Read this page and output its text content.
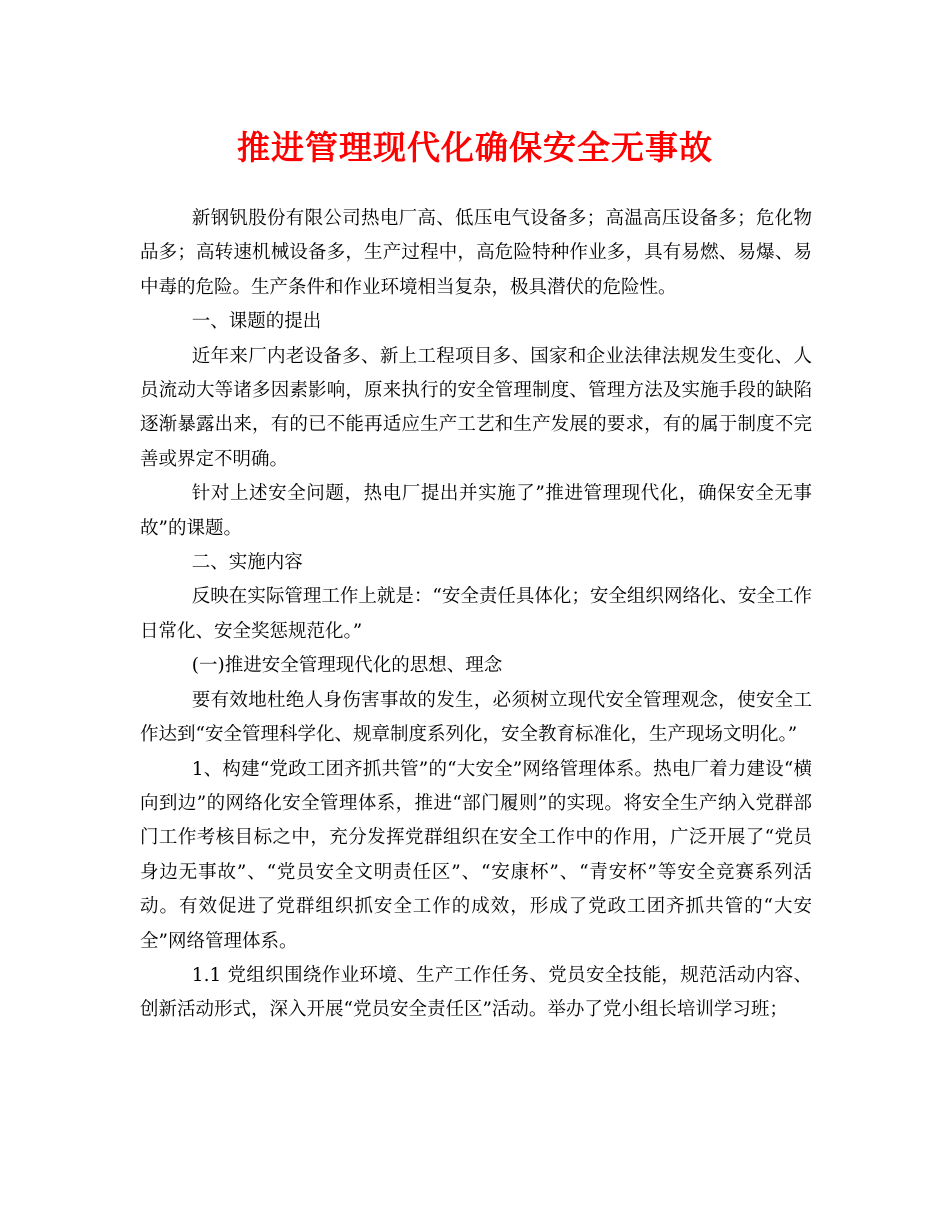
推进管理现代化确保安全无事故

新钢钒股份有限公司热电厂高、低压电气设备多；高温高压设备多；危化物品多；高转速机械设备多，生产过程中，高危险特种作业多，具有易燃、易爆、易中毒的危险。生产条件和作业环境相当复杂，极具潜伏的危险性。

一、课题的提出

近年来厂内老设备多、新上工程项目多、国家和企业法律法规发生变化、人员流动大等诸多因素影响，原来执行的安全管理制度、管理方法及实施手段的缺陷逐渐暴露出来，有的已不能再适应生产工艺和生产发展的要求，有的属于制度不完善或界定不明确。

针对上述安全问题，热电厂提出并实施了”推进管理现代化，确保安全无事故”的课题。

二、实施内容

反映在实际管理工作上就是：“安全责任具体化；安全组织网络化、安全工作日常化、安全奖惩规范化。”

(一)推进安全管理现代化的思想、理念

要有效地杜绝人身伤害事故的发生，必须树立现代安全管理观念，使安全工作达到“安全管理科学化、规章制度系列化，安全教育标准化，生产现场文明化。”

1、构建“党政工团齐抓共管”的“大安全”网络管理体系。热电厂着力建设“横向到边”的网络化安全管理体系，推进“部门履则”的实现。将安全生产纳入党群部门工作考核目标之中，充分发挥党群组织在安全工作中的作用，广泛开展了“党员身边无事故”、“党员安全文明责任区”、“安康杯”、“青安杯”等安全竞赛系列活动。有效促进了党群组织抓安全工作的成效，形成了党政工团齐抓共管的“大安全”网络管理体系。

1.1 党组织围绕作业环境、生产工作任务、党员安全技能，规范活动内容、创新活动形式，深入开展“党员安全责任区”活动。举办了党小组长培训学习班；
